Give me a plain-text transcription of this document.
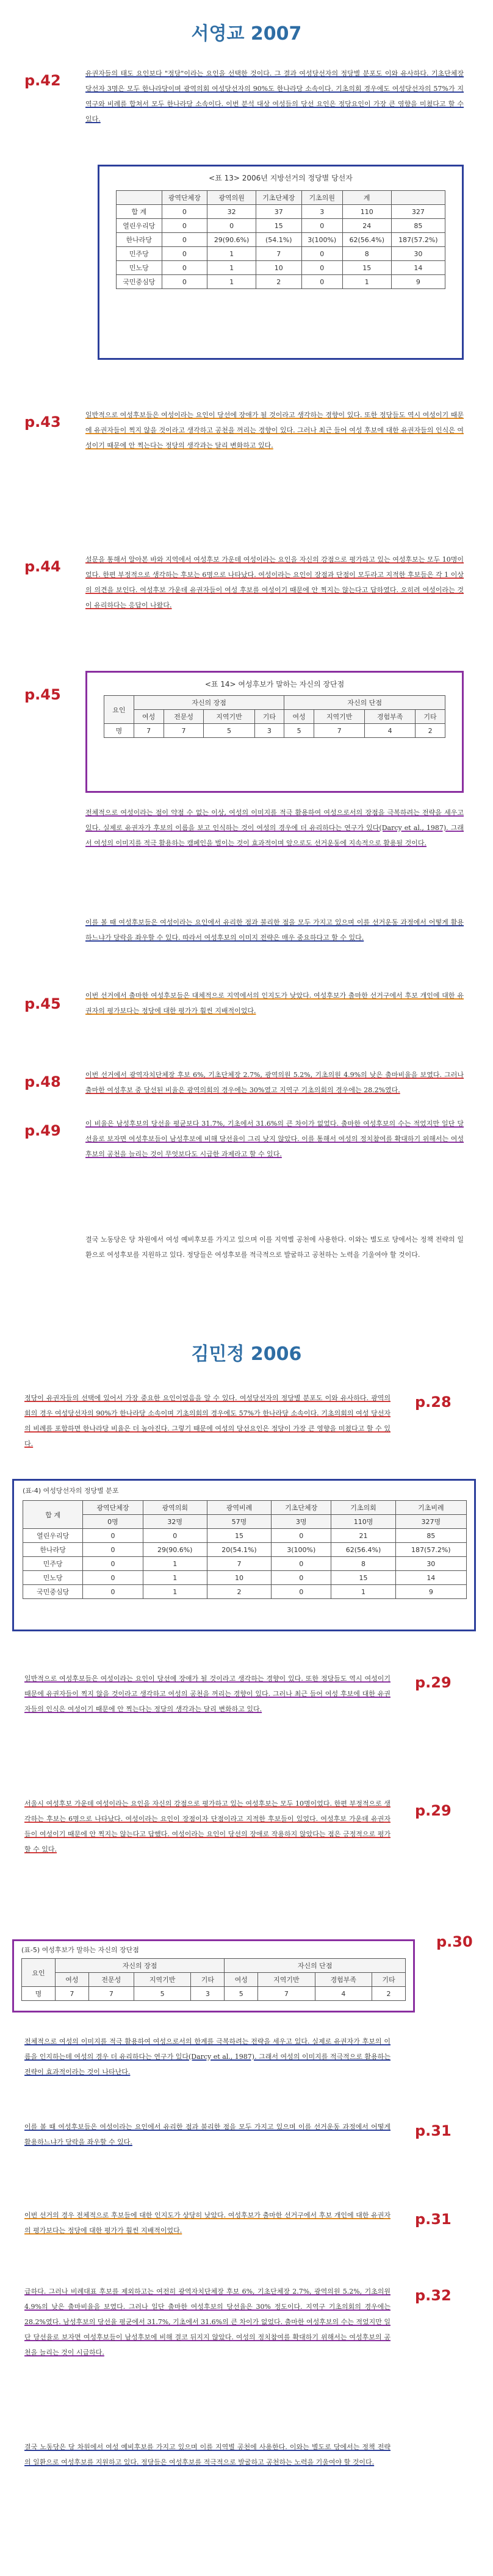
서영교 2007
p.42	유권자들의 태도 요인보다 "정당"이라는 요인을 선택한 것이다. 그 결과 여성당선자의 정당별 분포도 이와 유사하다. 기초단체장 당선자 3명은 모두 한나라당이며 광역의회 여성당선자의 90%도 한나라당 소속이다. 기초의회 경우에도 여성당선자의 57%가 지역구와 비례를 합쳐서 모두 한나라당 소속이다. 이번 분석 대상 여성들의 당선 요인은 정당요인이 가장 큰 영향을 미쳤다고 할 수 있다.
<표 13> 2006년 지방선거의 정당별 당선자
	광역단체장	광역의원	기초단체장	기초의원	계	
합 계	0	32	37	3	110	327
열린우리당	0	0	15	0	24	85
한나라당	0	29(90.6%)	(54.1%)	3(100%)	62(56.4%)	187(57.2%)
민주당	0	1	7	0	8	30
민노당	0	1	10	0	15	14
국민중심당	0	1	2	0	1	9
p.43	일반적으로 여성후보들은 여성이라는 요인이 당선에 장애가 될 것이라고 생각하는 경향이 있다. 또한 정당들도 역시 여성이기 때문에 유권자들이 찍지 않을 것이라고 생각하고 공천을 꺼리는 경향이 있다. 그러나 최근 들어 여성 후보에 대한 유권자들의 인식은 여성이기 때문에 안 찍는다는 정당의 생각과는 달리 변화하고 있다.
p.44	설문을 통해서 알아본 바와 지역에서 여성후보 가운데 여성이라는 요인을 자신의 강점으로 평가하고 있는 여성후보는 모두 10명이었다. 한편 부정적으로 생각하는 후보는 6명으로 나타났다. 여성이라는 요인이 장점과 단점이 모두라고 지적한 후보들은 각 1 이상의 의견을 보인다. 여성후보 가운데 유권자들이 여성 후보를 여성이기 때문에 안 찍지는 않는다고 답하였다. 오히려 여성이라는 것이 유리하다는 응답이 나왔다.
p.45
<표 14> 여성후보가 말하는 자신의 장단점
요인	자신의 장점				자신의 단점			
	여성	전문성	지역기반	기타	여성	지역기반	경험부족	기타
명	7	7	5	3	5	7	4	2
전체적으로 여성이라는 점이 약점 수 없는 이상, 여성의 이미지를 적극 활용하여 여성으로서의 장점을 극복하려는 전략을 세우고 있다. 실제로 유권자가 후보의 이름을 보고 인식하는 것이 여성의 경우에 더 유리하다는 연구가 있다(Darcy et al., 1987). 그래서 여성의 이미지를 적극 활용하는 캠페인을 벌이는 것이 효과적이며 앞으로도 선거운동에 지속적으로 활용될 것이다.
이를 볼 때 여성후보들은 여성이라는 요인에서 유리한 점과 불리한 점을 모두 가지고 있으며 이를 선거운동 과정에서 어떻게 활용하느냐가 당락을 좌우할 수 있다. 따라서 여성후보의 이미지 전략은 매우 중요하다고 할 수 있다.
p.45	이번 선거에서 출마한 여성후보들은 대체적으로 지역에서의 인지도가 낮았다. 여성후보가 출마한 선거구에서 후보 개인에 대한 유권자의 평가보다는 정당에 대한 평가가 훨씬 지배적이었다.
p.48	이번 선거에서 광역자치단체장 후보 6%, 기초단체장 2.7%, 광역의원 5.2%, 기초의원 4.9%의 낮은 출마비율을 보였다. 그러나 출마한 여성후보 중 당선된 비율은 광역의회의 경우에는 30%였고 지역구 기초의회의 경우에는 28.2%였다.
p.49	이 비율은 남성후보의 당선율 평균보다 31.7%, 기초에서 31.6%의 큰 차이가 없었다. 출마한 여성후보의 수는 적었지만 일단 당선율로 보자면 여성후보들이 남성후보에 비해 당선율이 그리 낮지 않았다. 이를 통해서 여성의 정치참여를 확대하기 위해서는 여성후보의 공천을 늘리는 것이 무엇보다도 시급한 과제라고 할 수 있다.
결국 노동당은 당 차원에서 여성 예비후보를 가지고 있으며 이를 지역별 공천에 사용한다. 이와는 별도로 당에서는 정책 전략의 일환으로 여성후보를 지원하고 있다. 정당들은 여성후보를 적극적으로 발굴하고 공천하는 노력을 기울여야 할 것이다.
김민정 2006
정당이 유권자들의 선택에 있어서 가장 중요한 요인이었음을 알 수 있다. 여성당선자의 정당별 분포도 이와 유사하다. 광역의회의 경우 여성당선자의 90%가 한나라당 소속이며 기초의회의 경우에도 57%가 한나라당 소속이다. 기초의회의 여성 당선자의 비례를 포함하면 한나라당 비율은 더 높아진다. 그렇기 때문에 여성의 당선요인은 정당이 가장 큰 영향을 미쳤다고 할 수 있다.
p.28
(표-4) 여성당선자의 정당별 분포
합 계	광역단체장	광역의회	광역비례	기초단체장	기초의회	기초비례
	0명	32명	57명	3명	110명	327명
열린우리당	0	0	15	0	21	85
한나라당	0	29(90.6%)	20(54.1%)	3(100%)	62(56.4%)	187(57.2%)
민주당	0	1	7	0	8	30
민노당	0	1	10	0	15	14
국민중심당	0	1	2	0	1	9
일반적으로 여성후보들은 여성이라는 요인이 당선에 장애가 될 것이라고 생각하는 경향이 있다. 또한 정당들도 역시 여성이기 때문에 유권자들이 찍지 않을 것이라고 생각하고 여성의 공천을 꺼리는 경향이 있다. 그러나 최근 들어 여성 후보에 대한 유권자들의 인식은 여성이기 때문에 안 찍는다는 정당의 생각과는 달리 변화하고 있다.
p.29
서울시 여성후보 가운데 여성이라는 요인을 자신의 강점으로 평가하고 있는 여성후보는 모두 10명이었다. 한편 부정적으로 생각하는 후보는 6명으로 나타났다. 여성이라는 요인이 장점이자 단점이라고 지적한 후보들이 있었다. 여성후보 가운데 유권자들이 여성이기 때문에 안 찍지는 않는다고 답했다. 여성이라는 요인이 당선의 장애로 작용하지 않았다는 점은 긍정적으로 평가할 수 있다.
p.29
(표-5) 여성후보가 말하는 자신의 장단점
요인	자신의 장점				자신의 단점			
	여성	전문성	지역기반	기타	여성	지역기반	경험부족	기타
명	7	7	5	3	5	7	4	2
p.30
전체적으로 여성의 이미지를 적극 활용하여 여성으로서의 한계를 극복하려는 전략을 세우고 있다. 실제로 유권자가 후보의 이름을 인지하는데 여성의 경우 더 유리하다는 연구가 있다(Darcy et al., 1987). 그래서 여성의 이미지를 적극적으로 활용하는 전략이 효과적이라는 것이 나타난다.
이를 볼 때 여성후보들은 여성이라는 요인에서 유리한 점과 불리한 점을 모두 가지고 있으며 이를 선거운동 과정에서 어떻게 활용하느냐가 당락을 좌우할 수 있다.
p.31
이번 선거의 경우 전체적으로 후보들에 대한 인지도가 상당히 낮았다. 여성후보가 출마한 선거구에서 후보 개인에 대한 유권자의 평가보다는 정당에 대한 평가가 훨씬 지배적이었다.
p.31
급하다. 그러나 비례대표 후보를 제외하고는 여전히 광역자치단체장 후보 6%, 기초단체장 2.7%, 광역의원 5.2%, 기초의원 4.9%의 낮은 출마비율을 보였다. 그러나 일단 출마한 여성후보의 당선율은 30% 정도이다. 지역구 기초의회의 경우에는 28.2%였다. 남성후보의 당선율 평균에서 31.7%, 기초에서 31.6%의 큰 차이가 없었다. 출마한 여성후보의 수는 적었지만 일단 당선율로 보자면 여성후보들이 남성후보에 비해 결코 뒤지지 않았다. 여성의 정치참여를 확대하기 위해서는 여성후보의 공천을 늘리는 것이 시급하다.
p.32
결국 노동당은 당 차원에서 여성 예비후보를 가지고 있으며 이를 지역별 공천에 사용한다. 이와는 별도로 당에서는 정책 전략의 일환으로 여성후보를 지원하고 있다. 정당들은 여성후보를 적극적으로 발굴하고 공천하는 노력을 기울여야 할 것이다.
